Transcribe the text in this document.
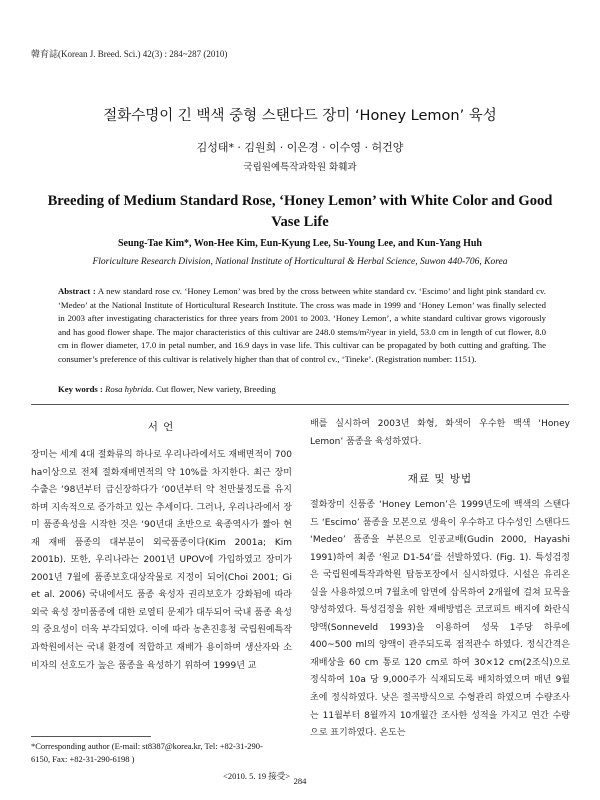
韓育誌(Korean J. Breed. Sci.) 42(3) : 284~287 (2010)
절화수명이 긴 백색 중형 스탠다드 장미 ‘Honey Lemon’ 육성
김성태* · 김원희 · 이은경 · 이수영 · 허건양
국립원예특작과학원 화훼과
Breeding of Medium Standard Rose, ‘Honey Lemon’ with White Color and Good Vase Life
Seung-Tae Kim*, Won-Hee Kim, Eun-Kyung Lee, Su-Young Lee, and Kun-Yang Huh
Floriculture Research Division, National Institute of Horticultural & Herbal Science, Suwon 440-706, Korea
Abstract : A new standard rose cv. ‘Honey Lemon’ was bred by the cross between white standard cv. ‘Escimo’ and light pink standard cv. ‘Medeo’ at the National Institute of Horticultural Research Institute. The cross was made in 1999 and ‘Honey Lemon’ was finally selected in 2003 after investigating characteristics for three years from 2001 to 2003. ‘Honey Lemon’, a white standard cultivar grows vigorously and has good flower shape. The major characteristics of this cultivar are 248.0 stems/m²/year in yield, 53.0 cm in length of cut flower, 8.0 cm in flower diameter, 17.0 in petal number, and 16.9 days in vase life. This cultivar can be propagated by both cutting and grafting. The consumer’s preference of this cultivar is relatively higher than that of control cv., ‘Tineke’. (Registration number: 1151).
Key words : Rosa hybrida. Cut flower, New variety, Breeding
서 언

장미는 세계 4대 절화류의 하나로 우리나라에서도 재배면적이 700 ha이상으로 전체 절화재배면적의 약 10%를 차지한다. 최근 장미 수출은 ‘98년부터 급신장하다가 ‘00년부터 약 천만불정도를 유지하며 지속적으로 증가하고 있는 추세이다. 그러나, 우리나라에서 장미 품종육성을 시작한 것은 ‘90년대 초반으로 육종역사가 짧아 현재 재배 품종의 대부분이 외국품종이다(Kim 2001a; Kim 2001b). 또한, 우리나라는 2001년 UPOV에 가입하였고 장미가 2001년 7월에 품종보호대상작물로 지정이 되어(Choi 2001; Gi et al. 2006) 국내에서도 품종 육성자 권리보호가 강화됨에 따라 외국 육성 장미품종에 대한 로열티 문제가 대두되어 국내 품종 육성의 중요성이 더욱 부각되었다. 이에 따라 농촌진흥청 국립원예특작과학원에서는 국내 환경에 적합하고 재배가 용이하며 생산자와 소비자의 선호도가 높은 품종을 육성하기 위하여 1999년 교

배를 실시하여 2003년 화형, 화색이 우수한 백색 ‘Honey Lemon’ 품종을 육성하였다.

재료 및 방법

절화장미 신품종 ‘Honey Lemon’은 1999년도에 백색의 스탠다드 ‘Escimo’ 품종을 모본으로 생육이 우수하고 다수성인 스탠다드 ‘Medeo’ 품종을 부본으로 인공교배(Gudin 2000, Hayashi 1991)하여 최종 ‘원교 D1-54’를 선발하였다. (Fig. 1). 특성검정은 국립원예특작과학원 탑동포장에서 실시하였다. 시설은 유리온실을 사용하였으며 7월초에 암면에 삽목하여 2개월에 걸쳐 묘목을 양성하였다. 특성검정을 위한 재배방법은 코코피트 배지에 화란식 양액(Sonneveld 1993)을 이용하여 성묵 1주당 하루에 400~500 ml의 양액이 관주되도록 점적관수 하였다. 정식간격은 재배상을 60 cm 통로 120 cm로 하여 30×12 cm(2조식)으로 정식하여 10a 당 9,000주가 식재되도록 배치하였으며 매년 9월 초에 정식하였다. 낮은 절곡방식으로 수형관리 하였으며 수량조사는 11월부터 8월까지 10개월간 조사한 성적을 가지고 연간 수량으로 표기하였다. 온도는

*Corresponding author (E-mail: st8387@korea.kr, Tel: +82-31-290-6150, Fax: +82-31-290-6198 )
<2010. 5. 19 接受> 284
